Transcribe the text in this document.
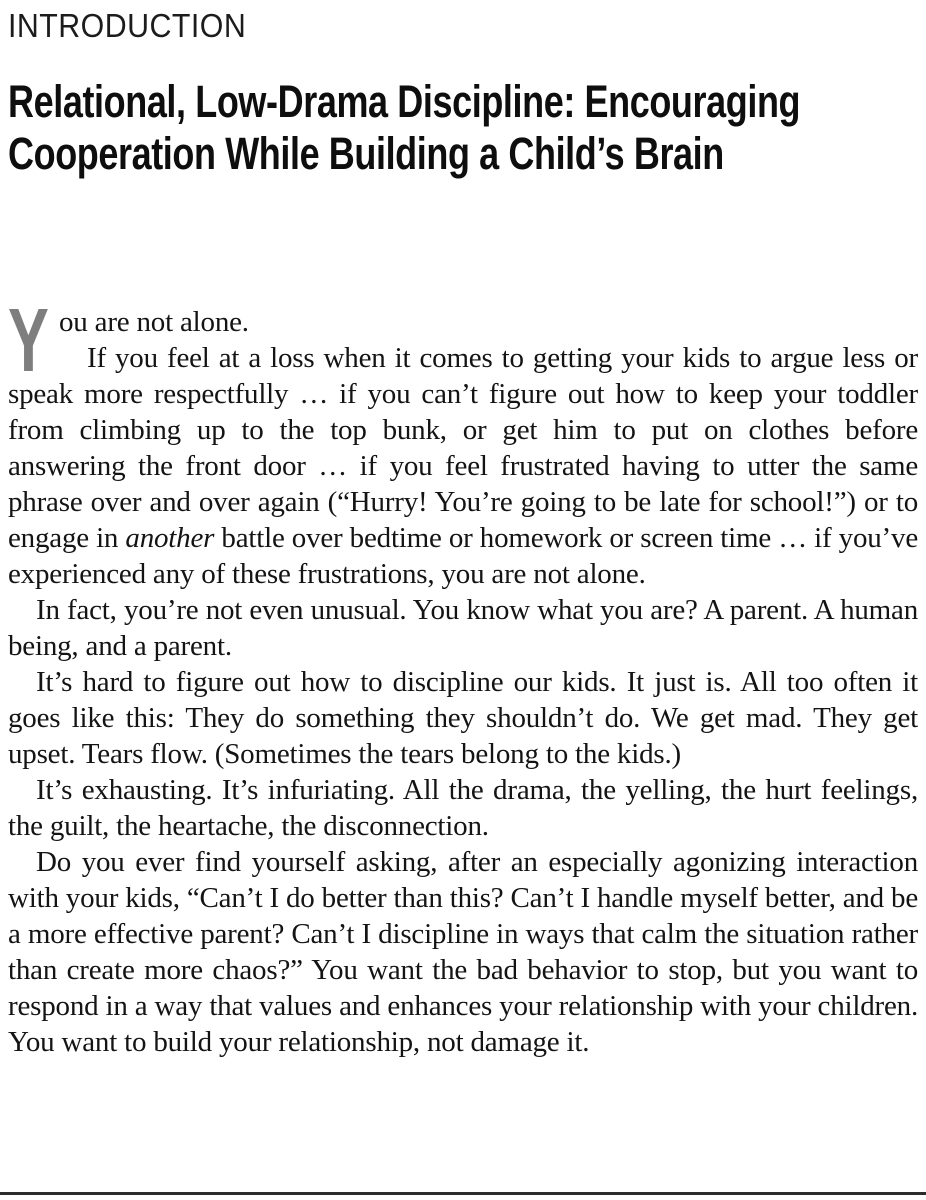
INTRODUCTION
Relational, Low-Drama Discipline: Encouraging
Cooperation While Building a Child’s Brain

You are not alone.

If you feel at a loss when it comes to getting your kids to argue less or speak more respectfully … if you can’t figure out how to keep your toddler from climbing up to the top bunk, or get him to put on clothes before answering the front door … if you feel frustrated having to utter the same phrase over and over again (“Hurry! You’re going to be late for school!”) or to engage in another battle over bedtime or homework or screen time … if you’ve experienced any of these frustrations, you are not alone.

In fact, you’re not even unusual. You know what you are? A parent. A human being, and a parent.

It’s hard to figure out how to discipline our kids. It just is. All too often it goes like this: They do something they shouldn’t do. We get mad. They get upset. Tears flow. (Sometimes the tears belong to the kids.)

It’s exhausting. It’s infuriating. All the drama, the yelling, the hurt feelings, the guilt, the heartache, the disconnection.

Do you ever find yourself asking, after an especially agonizing interaction with your kids, “Can’t I do better than this? Can’t I handle myself better, and be a more effective parent? Can’t I discipline in ways that calm the situation rather than create more chaos?” You want the bad behavior to stop, but you want to respond in a way that values and enhances your relationship with your children. You want to build your relationship, not damage it.
